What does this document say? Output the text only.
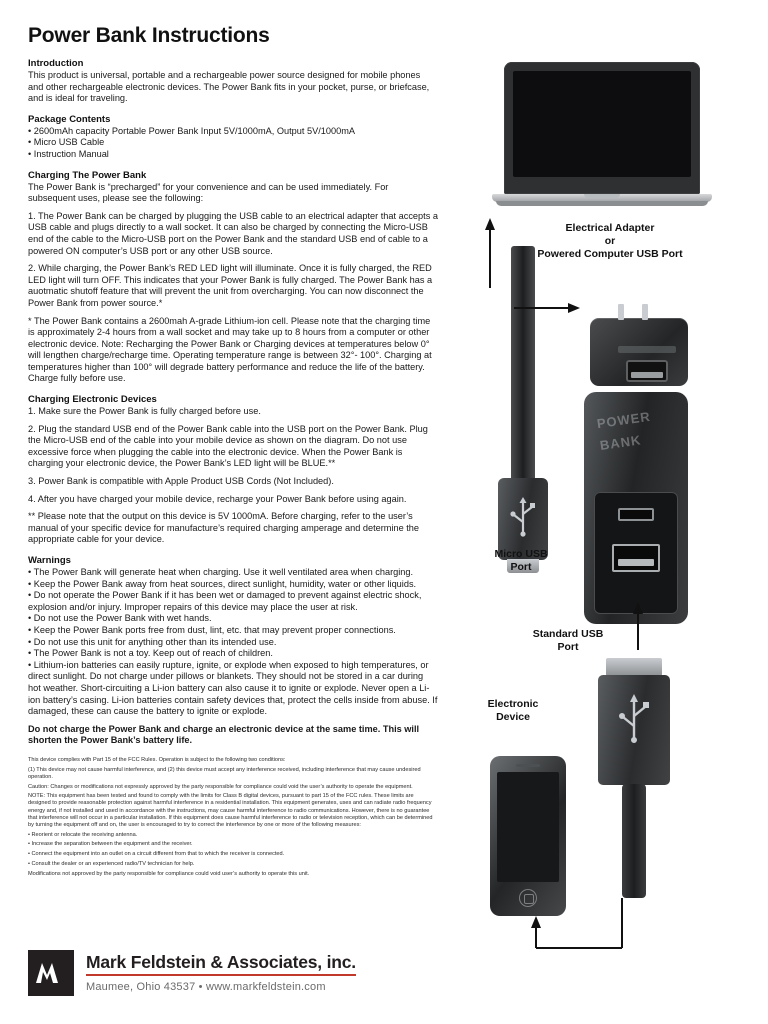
Power Bank Instructions
Introduction

This product is universal, portable and a rechargeable power source designed for mobile phones and other rechargeable electronic devices. The Power Bank fits in your pocket, purse, or briefcase, and is ideal for traveling.

Package Contents
• 2600mAh capacity Portable Power Bank Input 5V/1000mA, Output 5V/1000mA
• Micro USB Cable
• Instruction Manual
Charging The Power Bank

The Power Bank is “precharged” for your convenience and can be used immediately. For subsequent uses, please see the following:

1. The Power Bank can be charged by plugging the USB cable to an electrical adapter that accepts a USB cable and plugs directly to a wall socket. It can also be charged by connecting the Micro-USB end of the cable to the Micro-USB port on the Power Bank and the standard USB end of cable to a powered ON computer’s USB port or any other USB source.

2. While charging, the Power Bank’s RED LED light will illuminate. Once it is fully charged, the RED LED light will turn OFF. This indicates that your Power Bank is fully charged. The Power Bank has a auotmatic shutoff feature that will prevent the unit from overcharging. You can now disconnect the Power Bank from power source.*

* The Power Bank contains a 2600mah A-grade Lithium-ion cell. Please note that the charging time is approximately 2-4 hours from a wall socket and may take up to 8 hours from a computer or other electronic device. Note: Recharging the Power Bank or Charging devices at temperatures below 0° will lengthen charge/recharge time. Operating temperature range is between 32°- 100°. Charging at temperatures higher than 100° will degrade battery performance and reduce the life of the battery. Charge fully before use.

Charging Electronic Devices

1. Make sure the Power Bank is fully charged before use.

2. Plug the standard USB end of the Power Bank cable into the USB port on the Power Bank. Plug the Micro-USB end of the cable into your mobile device as shown on the diagram. Do not use excessive force when plugging the cable into the electronic device. When the Power Bank is charging your electronic device, the Power Bank’s LED light will be BLUE.**

3. Power Bank is compatible with Apple Product USB Cords (Not Included).

4. After you have charged your mobile device, recharge your Power Bank before using again.

** Please note that the output on this device is 5V 1000mA. Before charging, refer to the user’s manual of your specific device for manufacture’s required charging amperage and determine the appropriate cable for your device.

Warnings
• The Power Bank will generate heat when charging. Use it well ventilated area when charging.
• Keep the Power Bank away from heat sources, direct sunlight, humidity, water or other liquids.
• Do not operate the Power Bank if it has been wet or damaged to prevent against electric shock, explosion and/or injury. Improper repairs of this device may place the user at risk.
• Do not use the Power Bank with wet hands.
• Keep the Power Bank ports free from dust, lint, etc. that may prevent proper connections.
• Do not use this unit for anything other than its intended use.
• The Power Bank is not a toy. Keep out of reach of children.
• Lithium-ion batteries can easily rupture, ignite, or explode when exposed to high temperatures, or direct sunlight. Do not charge under pillows or blankets. They should not be stored in a car during hot weather. Short-circuiting a Li-ion battery can also cause it to ignite or explode. Never open a Li-ion battery’s casing. Li-ion batteries contain safety devices that, protect the cells inside from abuse. If damaged, these can cause the battery to ignite or explode.

Do not charge the Power Bank and charge an electronic device at the same time. This will shorten the Power Bank’s battery life.

This device complies with Part 15 of the FCC Rules. Operation is subject to the following two conditions:

(1) This device may not cause harmful interference, and (2) this device must accept any interference received, including interference that may cause undesired operation.

Caution: Changes or modifications not expressly approved by the party responsible for compliance could void the user’s authority to operate the equipment.

NOTE: This equipment has been tested and found to comply with the limits for Class B digital devices, pursuant to part 15 of the FCC rules. These limits are designed to provide reasonable protection against harmful interference in a residential installation. This equipment generates, uses and can radiate radio frequency energy and, if not installed and used in accordance with the instructions, may cause harmful interference to radio communications. However, there is no guarantee that interference will not occur in a particular installation. If this equipment does cause harmful interference to radio or television reception, which can be determined by turning the equipment off and on, the user is encouraged to try to correct the interference by one or more of the following measures:

• Reorient or relocate the receiving antenna.

• Increase the separation between the equipment and the receiver.

• Connect the equipment into an outlet on a circuit different from that to which the receiver is connected.

• Consult the dealer or an experienced radio/TV technician for help.

Modifications not approved by the party responsible for compliance could void user’s authority to operate this unit.

Mark Feldstein & Associates, inc.
Maumee, Ohio 43537 • www.markfeldstein.com
Electrical Adapter
or
Powered Computer USB Port
POWER
BANK
Micro USB
Port
Standard USB
Port
Electronic
Device
